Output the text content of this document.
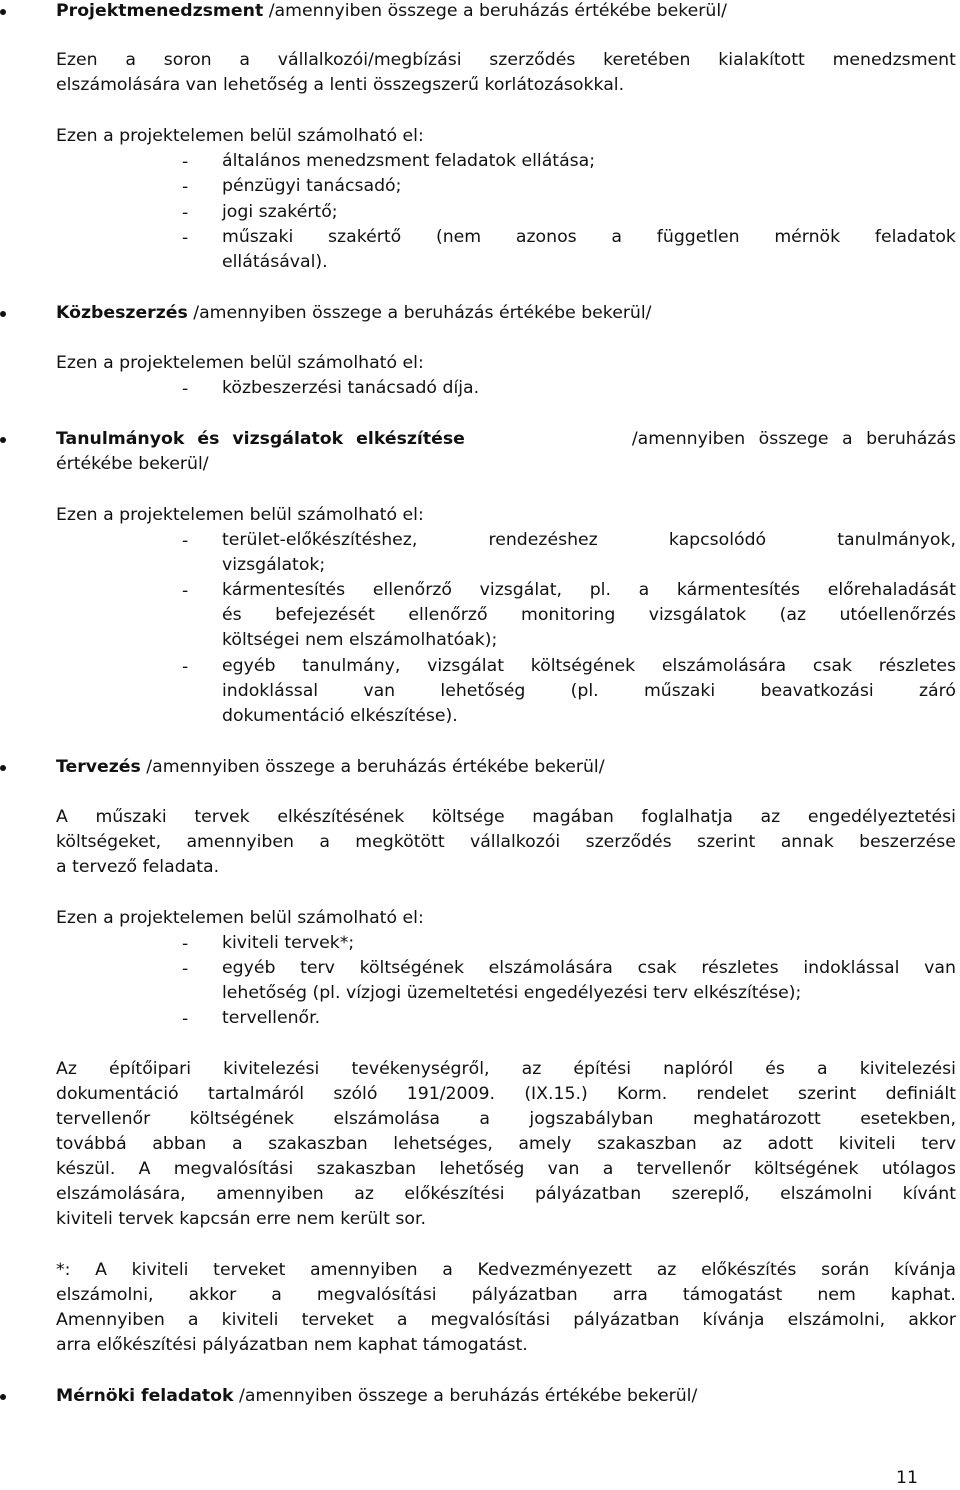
Projektmenedzsment /amennyiben összege a beruházás értékébe bekerül/
Ezen a soron a vállalkozói/megbízási szerződés keretében kialakított menedzsment
elszámolására van lehetőség a lenti összegszerű korlátozásokkal.
Ezen a projektelemen belül számolható el:
- általános menedzsment feladatok ellátása;
- pénzügyi tanácsadó;
- jogi szakértő;
- műszaki szakértő (nem azonos a független mérnök feladatok
ellátásával).
Közbeszerzés /amennyiben összege a beruházás értékébe bekerül/
Ezen a projektelemen belül számolható el:
- közbeszerzési tanácsadó díja.
Tanulmányok és vizsgálatok elkészítése	/amennyiben összege a beruházás
értékébe bekerül/
Ezen a projektelemen belül számolható el:
- terület-előkészítéshez,	rendezéshez	kapcsolódó	tanulmányok,
vizsgálatok;
- kármentesítés ellenőrző vizsgálat, pl. a kármentesítés előrehaladását
és befejezését ellenőrző monitoring vizsgálatok (az utóellenőrzés
költségei nem elszámolhatóak);
- egyéb tanulmány, vizsgálat költségének elszámolására csak részletes
indoklással	van	lehetőség	(pl.	műszaki	beavatkozási	záró
dokumentáció elkészítése).
Tervezés /amennyiben összege a beruházás értékébe bekerül/
A műszaki tervek elkészítésének költsége magában foglalhatja az engedélyeztetési
költségeket, amennyiben a megkötött vállalkozói szerződés szerint annak beszerzése
a tervező feladata.
Ezen a projektelemen belül számolható el:
- kiviteli tervek*;
- egyéb terv költségének elszámolására csak részletes indoklással van
lehetőség (pl. vízjogi üzemeltetési engedélyezési terv elkészítése);
- tervellenőr.
Az építőipari kivitelezési tevékenységről, az építési naplóról és a kivitelezési
dokumentáció tartalmáról szóló 191/2009. (IX.15.) Korm. rendelet szerint definiált
tervellenőr költségének elszámolása a jogszabályban meghatározott esetekben,
továbbá abban a szakaszban lehetséges, amely szakaszban az adott kiviteli terv
készül. A megvalósítási szakaszban lehetőség van a tervellenőr költségének utólagos
elszámolására, amennyiben az előkészítési pályázatban szereplő, elszámolni kívánt
kiviteli tervek kapcsán erre nem került sor.
*: A kiviteli terveket amennyiben a Kedvezményezett az előkészítés során kívánja
elszámolni, akkor a megvalósítási pályázatban arra támogatást nem kaphat.
Amennyiben a kiviteli terveket a megvalósítási pályázatban kívánja elszámolni, akkor
arra előkészítési pályázatban nem kaphat támogatást.
Mérnöki feladatok /amennyiben összege a beruházás értékébe bekerül/
11
